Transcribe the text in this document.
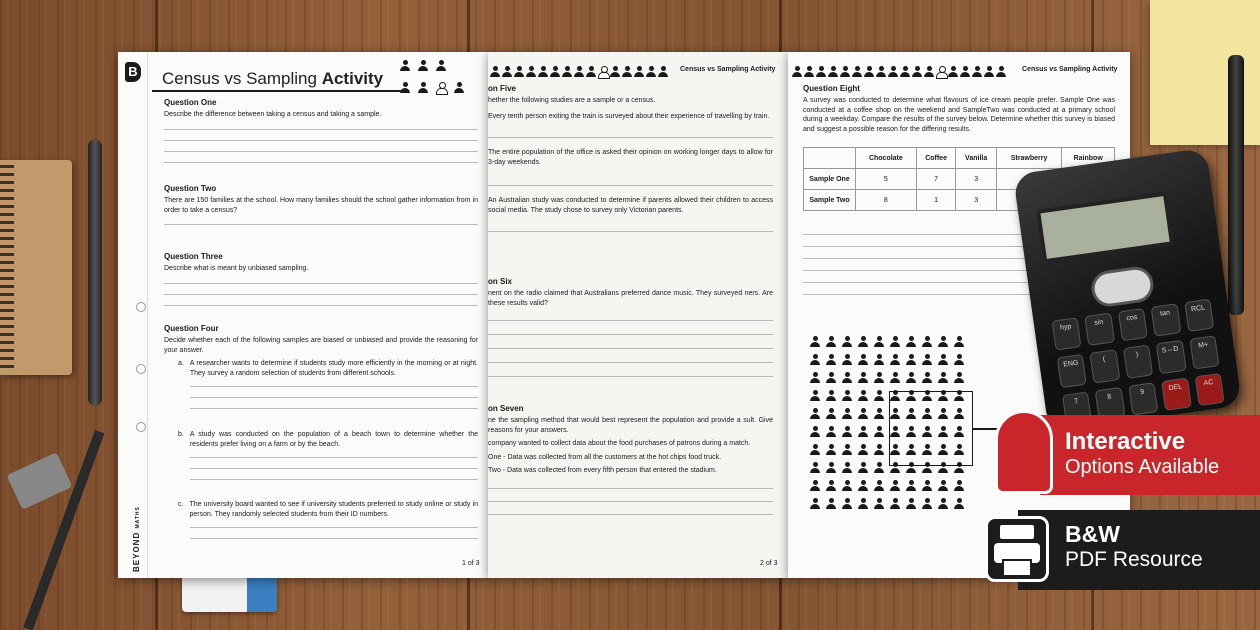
B
BEYOND MATHS
Census vs Sampling Activity

Question One
Describe the difference between taking a census and taking a sample.
Question Two
There are 150 families at the school. How many families should the school gather information from in order to take a census?
Question Three
Describe what is meant by unbiased sampling.
Question Four
Decide whether each of the following samples are biased or unbiased and provide the reasoning for your answer.
a. A researcher wants to determine if students study more efficiently in the morning or at night. They survey a random selection of students from different schools.
b. A study was conducted on the population of a beach town to determine whether the residents prefer living on a farm or by the beach.
c. The university board wanted to see if university students preferred to study online or study in person. They randomly selected students from their ID numbers.
1 of 3
Census vs Sampling Activity
on Five
hether the following studies are a sample or a census.
Every tenth person exiting the train is surveyed about their experience of travelling by train.
The entire population of the office is asked their opinion on working longer days to allow for 3-day weekends.
An Australian study was conducted to determine if parents allowed their children to access social media. The study chose to survey only Victorian parents.
on Six
nent on the radio claimed that Australians preferred dance music. They surveyed ners. Are these results valid?
on Seven
ne the sampling method that would best represent the population and provide a sult. Give reasons for your answers.
company wanted to collect data about the food purchases of patrons during a match.
One - Data was collected from all the customers at the hot chips food truck.
Two - Data was collected from every fifth person that entered the stadium.
2 of 3
Census vs Sampling Activity
Question Eight
A survey was conducted to determine what flavours of ice cream people prefer. Sample One was conducted at a coffee shop on the weekend and SampleTwo was conducted at a primary school during a weekday. Compare the results of the survey below. Determine whether this survey is biased and suggest a possible reason for the differing results.
	Chocolate	Coffee	Vanilla	Strawberry	Rainbow
Sample One	5	7	3		
Sample Two	8	1	3		
hyp
sin
cos
tan
RCL
ENG
(
)
S⇔D
M+
7
8
9
DEL
AC
Interactive
Options Available
B&W
PDF Resource
